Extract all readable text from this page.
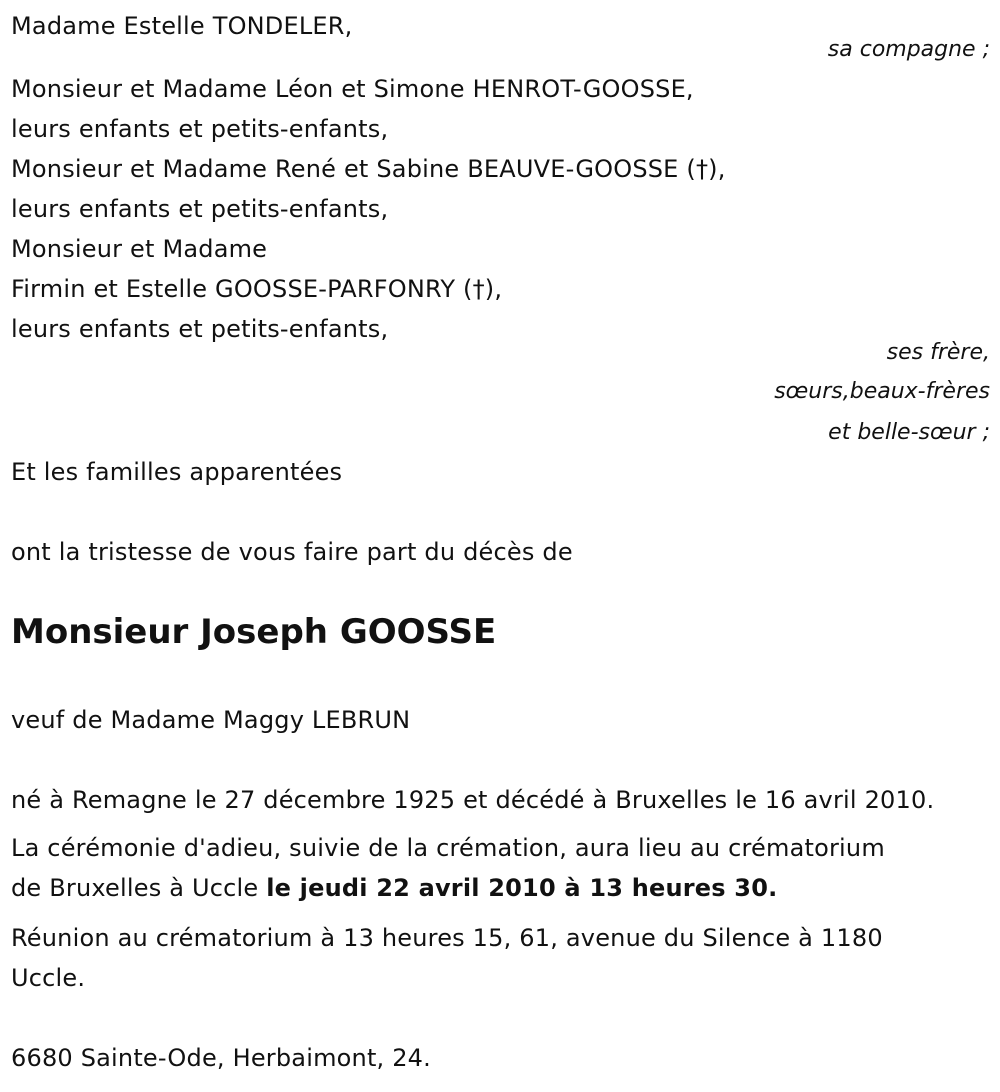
Madame Estelle TONDELER,
sa compagne ;
Monsieur et Madame Léon et Simone HENROT-GOOSSE,
leurs enfants et petits-enfants,
Monsieur et Madame René et Sabine BEAUVE-GOOSSE (†),
leurs enfants et petits-enfants,
Monsieur et Madame
Firmin et Estelle GOOSSE-PARFONRY (†),
leurs enfants et petits-enfants,
ses frère,
sœurs,beaux-frères
et belle-sœur ;
Et les familles apparentées
ont la tristesse de vous faire part du décès de
Monsieur Joseph GOOSSE
veuf de Madame Maggy LEBRUN
né à Remagne le 27 décembre 1925 et décédé à Bruxelles le 16 avril 2010.
La cérémonie d'adieu, suivie de la crémation, aura lieu au crématorium
de Bruxelles à Uccle le jeudi 22 avril 2010 à 13 heures 30.
Réunion au crématorium à 13 heures 15, 61, avenue du Silence à 1180
Uccle.
6680 Sainte-Ode, Herbaimont, 24.
